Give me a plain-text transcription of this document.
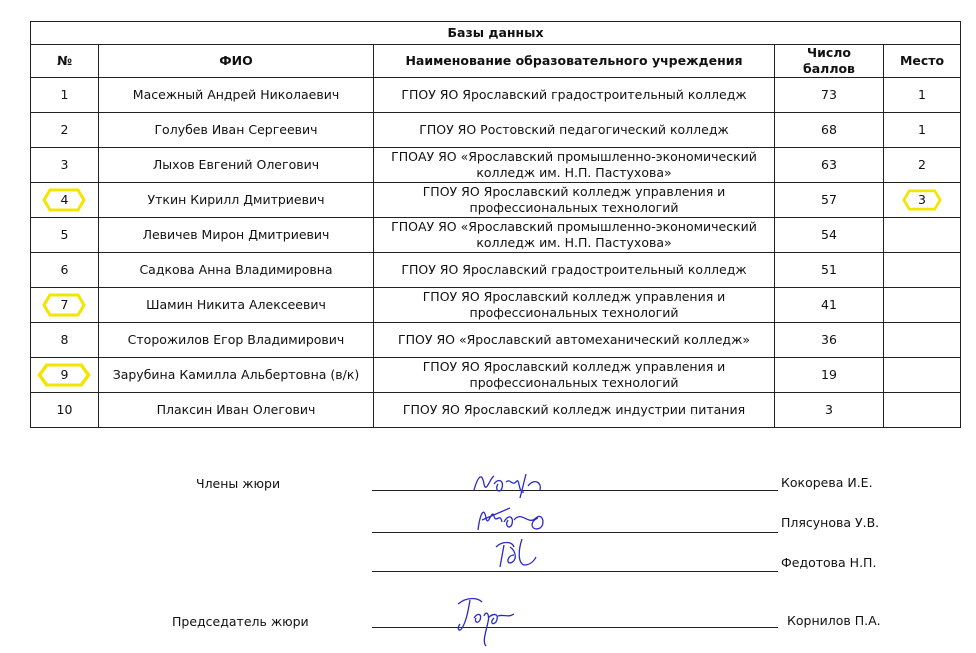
Базы данных				
№	ФИО	Наименование образовательного учреждения	Число баллов	Место
1	Масежный Андрей Николаевич	ГПОУ ЯО Ярославский градостроительный колледж	73	1
2	Голубев Иван Сергеевич	ГПОУ ЯО Ростовский педагогический колледж	68	1
3	Лыхов Евгений Олегович	ГПОАУ ЯО «Ярославский промышленно-экономический
колледж им. Н.П. Пастухова»	63	2

4	Уткин Кирилл Дмитриевич	ГПОУ ЯО Ярославский колледж управления и
профессиональных технологий	57	3
5	Левичев Мирон Дмитриевич	ГПОАУ ЯО «Ярославский промышленно-экономический
колледж им. Н.П. Пастухова»	54	
6	Садкова Анна Владимировна	ГПОУ ЯО Ярославский градостроительный колледж	51	

7	Шамин Никита Алексеевич	ГПОУ ЯО Ярославский колледж управления и
профессиональных технологий	41	
8	Сторожилов Егор Владимирович	ГПОУ ЯО «Ярославский автомеханический колледж»	36	

9	Зарубина Камилла Альбертовна (в/к)	ГПОУ ЯО Ярославский колледж управления и
профессиональных технологий	19	
10	Плаксин Иван Олегович	ГПОУ ЯО Ярославский колледж индустрии питания	3	
Члены жюри	Кокорева И.Е.
Плясунова У.В.
Федотова Н.П.
Председатель жюри	Корнилов П.А.
